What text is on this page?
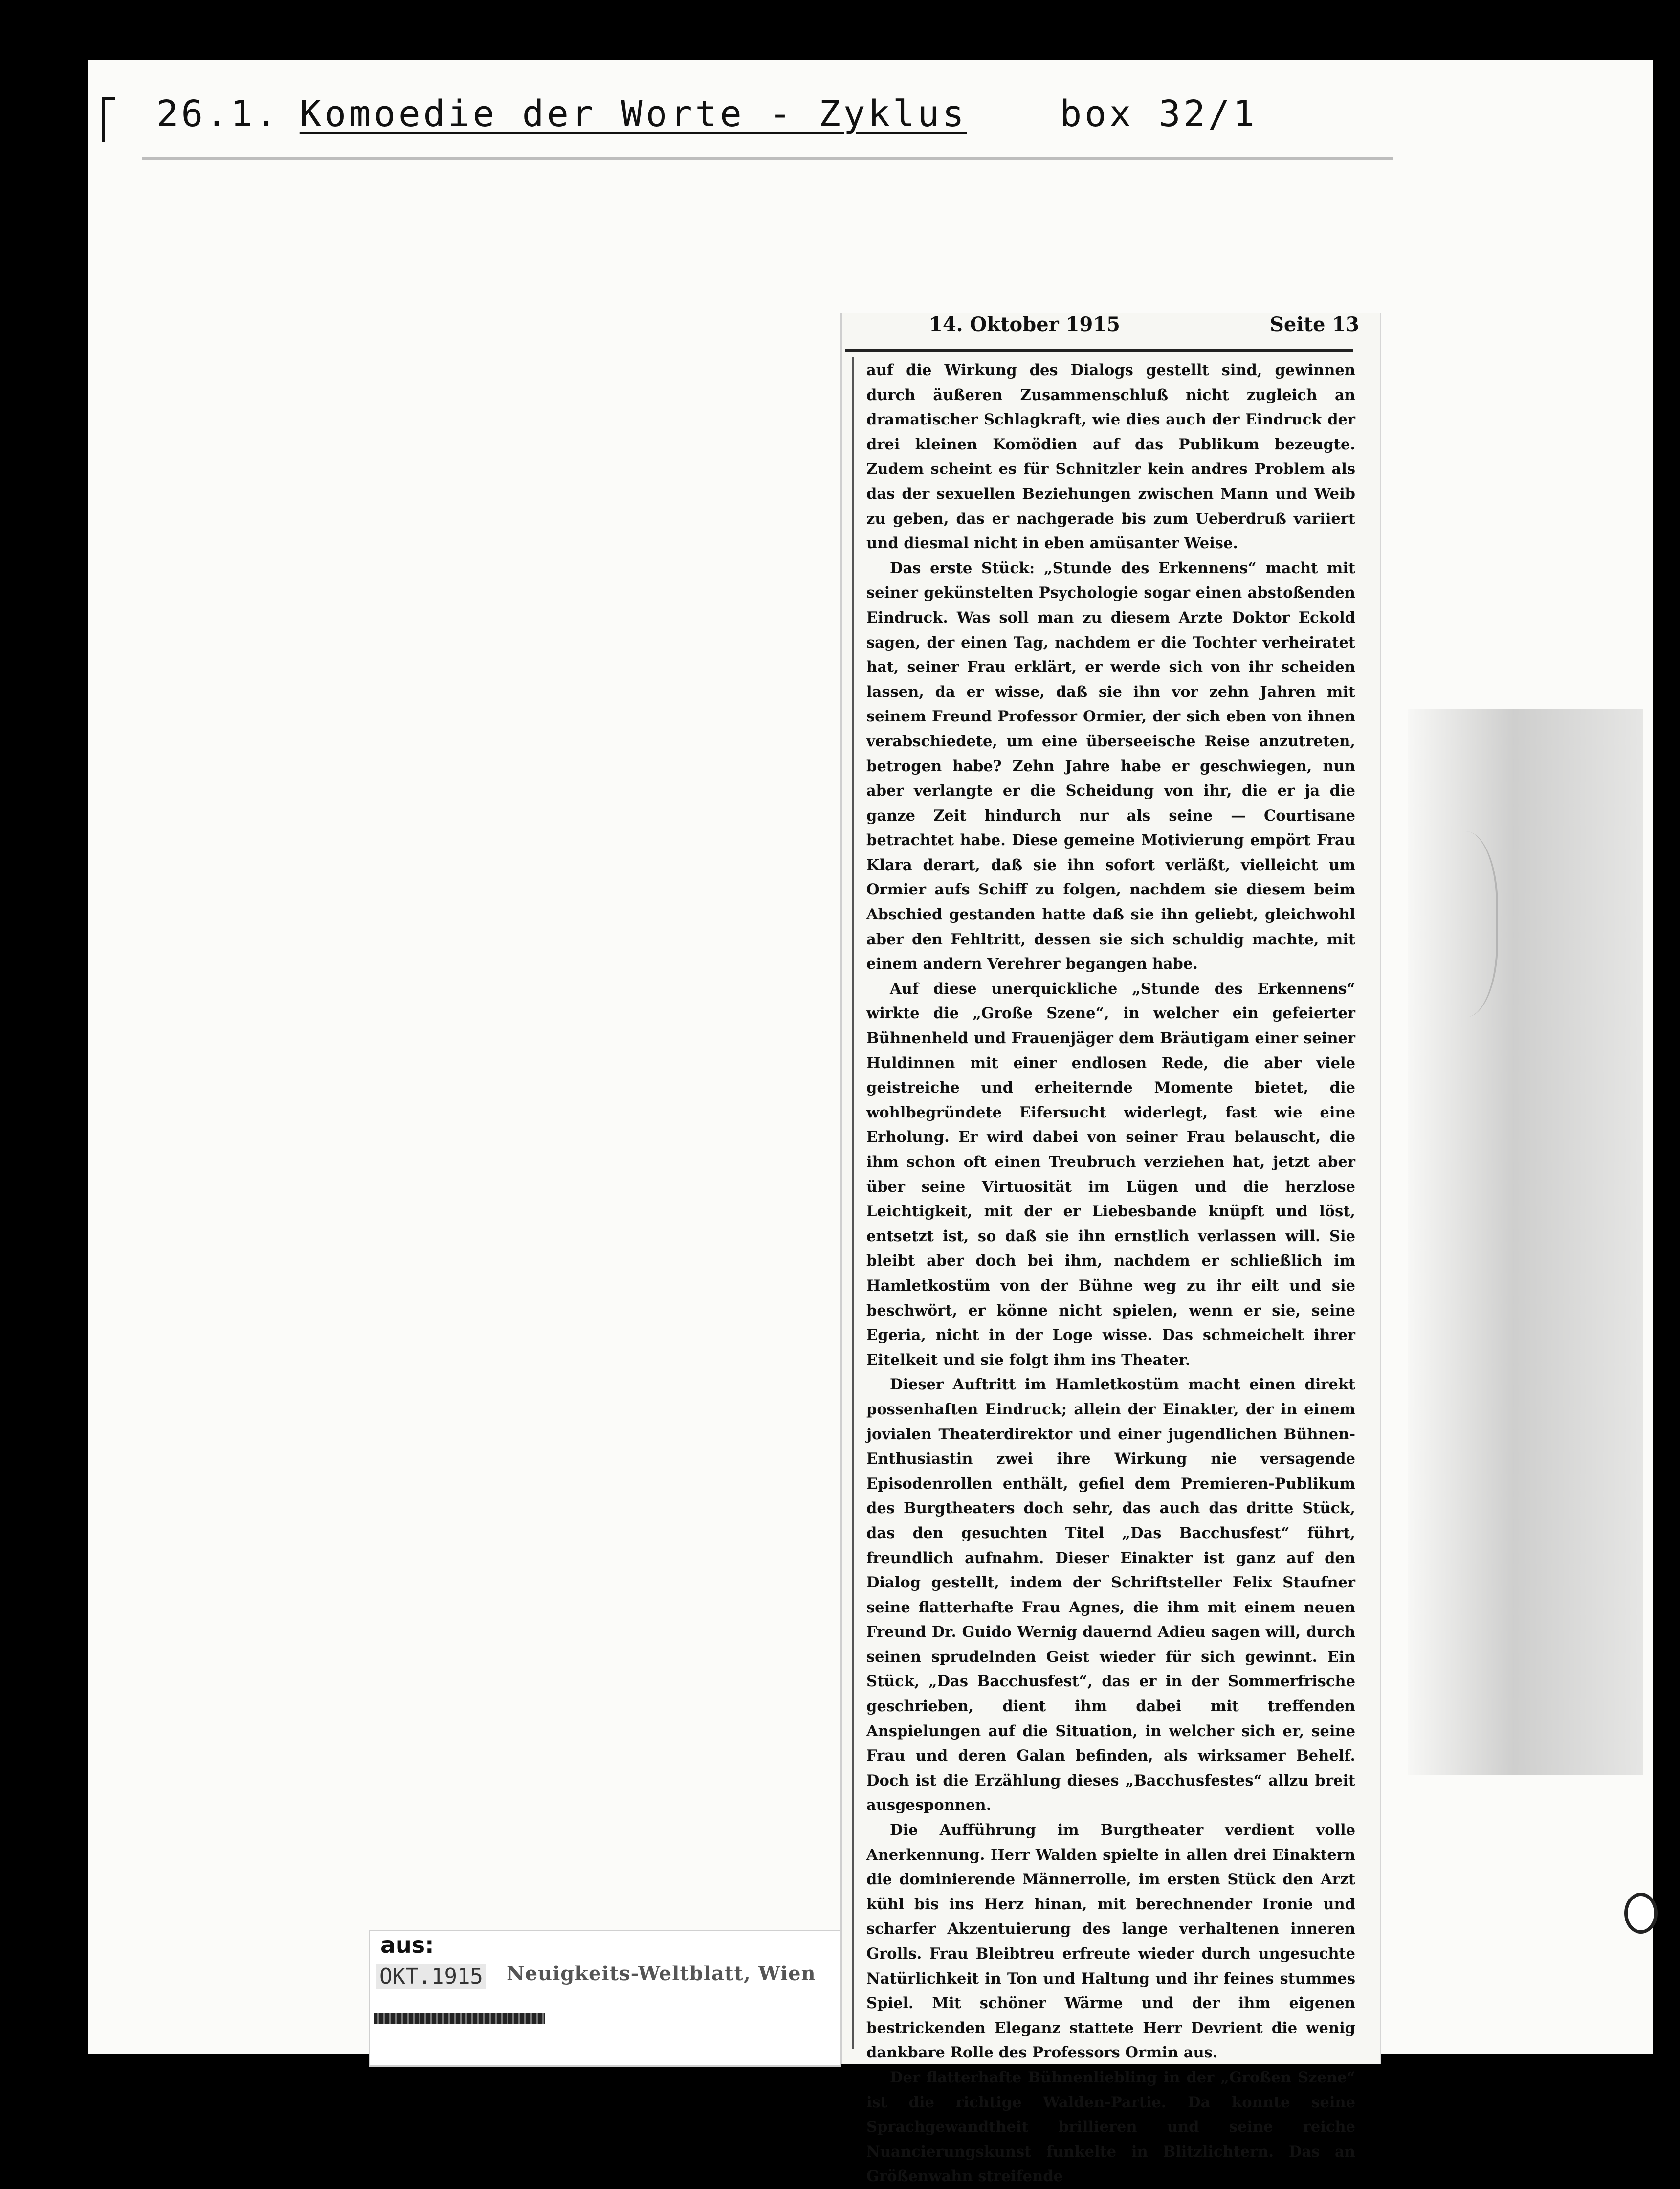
26.1. Komoedie der Worte - Zyklus	box 32/1
14. Oktober 1915	Seite 13

auf die Wirkung des Dialogs gestellt sind, gewinnen durch äußeren Zusammenschluß nicht zugleich an dramatischer Schlagkraft, wie dies auch der Eindruck der drei kleinen Komödien auf das Publikum bezeugte. Zudem scheint es für Schnitzler kein andres Problem als das der sexuellen Beziehungen zwischen Mann und Weib zu geben, das er nachgerade bis zum Ueberdruß variiert und diesmal nicht in eben amüsanter Weise.

Das erste Stück: „Stunde des Erkennens“ macht mit seiner gekünstelten Psychologie sogar einen abstoßenden Eindruck. Was soll man zu diesem Arzte Doktor Eckold sagen, der einen Tag, nachdem er die Tochter verheiratet hat, seiner Frau erklärt, er werde sich von ihr scheiden lassen, da er wisse, daß sie ihn vor zehn Jahren mit seinem Freund Professor Ormier, der sich eben von ihnen verabschiedete, um eine überseeische Reise anzutreten, betrogen habe? Zehn Jahre habe er geschwiegen, nun aber verlangte er die Scheidung von ihr, die er ja die ganze Zeit hindurch nur als seine — Courtisane betrachtet habe. Diese gemeine Motivierung empört Frau Klara derart, daß sie ihn sofort verläßt, vielleicht um Ormier aufs Schiff zu folgen, nachdem sie diesem beim Abschied gestanden hatte daß sie ihn geliebt, gleichwohl aber den Fehltritt, dessen sie sich schuldig machte, mit einem andern Verehrer begangen habe.

Auf diese unerquickliche „Stunde des Erkennens“ wirkte die „Große Szene“, in welcher ein gefeierter Bühnenheld und Frauenjäger dem Bräutigam einer seiner Huldinnen mit einer endlosen Rede, die aber viele geistreiche und erheiternde Momente bietet, die wohlbegründete Eifersucht widerlegt, fast wie eine Erholung. Er wird dabei von seiner Frau belauscht, die ihm schon oft einen Treubruch verziehen hat, jetzt aber über seine Virtuosität im Lügen und die herzlose Leichtigkeit, mit der er Liebesbande knüpft und löst, entsetzt ist, so daß sie ihn ernstlich verlassen will. Sie bleibt aber doch bei ihm, nachdem er schließlich im Hamletkostüm von der Bühne weg zu ihr eilt und sie beschwört, er könne nicht spielen, wenn er sie, seine Egeria, nicht in der Loge wisse. Das schmeichelt ihrer Eitelkeit und sie folgt ihm ins Theater.

Dieser Auftritt im Hamletkostüm macht einen direkt possenhaften Eindruck; allein der Einakter, der in einem jovialen Theaterdirektor und einer jugendlichen Bühnen-Enthusiastin zwei ihre Wirkung nie versagende Episodenrollen enthält, gefiel dem Premieren-Publikum des Burgtheaters doch sehr, das auch das dritte Stück, das den gesuchten Titel „Das Bacchusfest“ führt, freundlich aufnahm. Dieser Einakter ist ganz auf den Dialog gestellt, indem der Schriftsteller Felix Staufner seine flatterhafte Frau Agnes, die ihm mit einem neuen Freund Dr. Guido Wernig dauernd Adieu sagen will, durch seinen sprudelnden Geist wieder für sich gewinnt. Ein Stück, „Das Bacchusfest“, das er in der Sommerfrische geschrieben, dient ihm dabei mit treffenden Anspielungen auf die Situation, in welcher sich er, seine Frau und deren Galan befinden, als wirksamer Behelf. Doch ist die Erzählung dieses „Bacchusfestes“ allzu breit ausgesponnen.

Die Aufführung im Burgtheater verdient volle Anerkennung. Herr Walden spielte in allen drei Einaktern die dominierende Männerrolle, im ersten Stück den Arzt kühl bis ins Herz hinan, mit berechnender Ironie und scharfer Akzentuierung des lange verhaltenen inneren Grolls. Frau Bleibtreu erfreute wieder durch ungesuchte Natürlichkeit in Ton und Haltung und ihr feines stummes Spiel. Mit schöner Wärme und der ihm eigenen bestrickenden Eleganz stattete Herr Devrient die wenig dankbare Rolle des Professors Ormin aus.

Der flatterhafte Bühnenliebling in der „Großen Szene“ ist die richtige Walden-Partie. Da konnte seine Sprachgewandtheit brillieren und seine reiche Nuancierungskunst funkelte in Blitzlichtern. Das an Größenwahn streifende

aus:
OKT.1915 Neuigkeits-Weltblatt, Wien
